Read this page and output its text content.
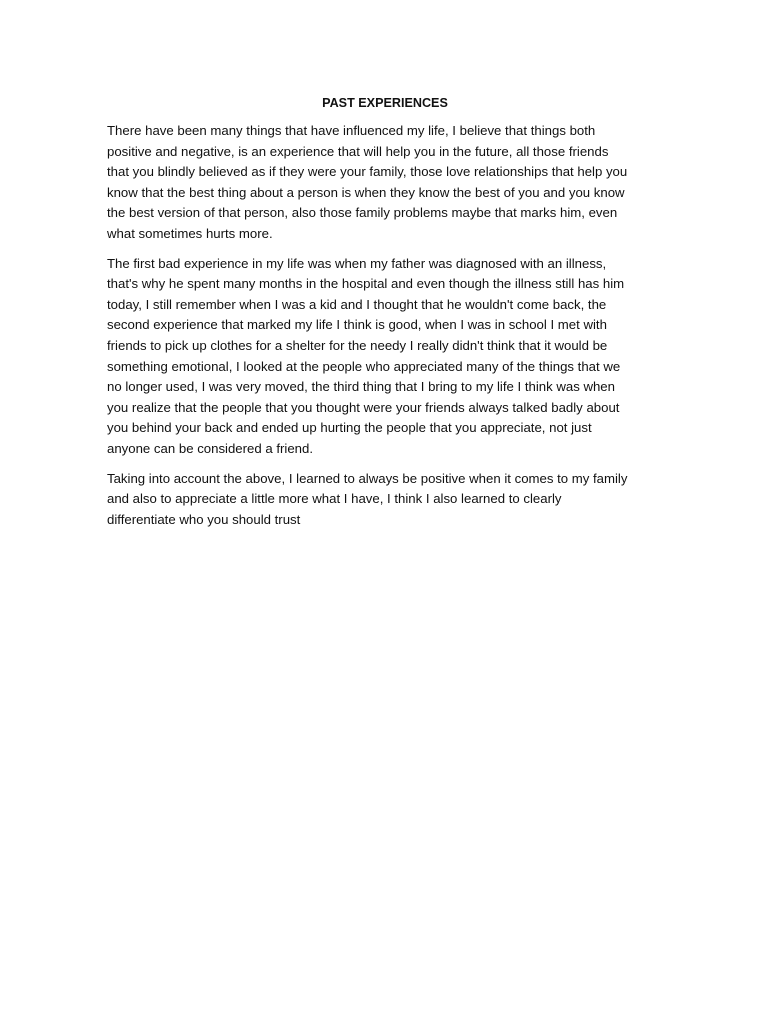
PAST EXPERIENCES

There have been many things that have influenced my life, I believe that things both
positive and negative, is an experience that will help you in the future, all those friends
that you blindly believed as if they were your family, those love relationships that help you
know that the best thing about a person is when they know the best of you and you know
the best version of that person, also those family problems maybe that marks him, even
what sometimes hurts more.

The first bad experience in my life was when my father was diagnosed with an illness,
that's why he spent many months in the hospital and even though the illness still has him
today, I still remember when I was a kid and I thought that he wouldn't come back, the
second experience that marked my life I think is good, when I was in school I met with
friends to pick up clothes for a shelter for the needy I really didn't think that it would be
something emotional, I looked at the people who appreciated many of the things that we
no longer used, I was very moved, the third thing that I bring to my life I think was when
you realize that the people that you thought were your friends always talked badly about
you behind your back and ended up hurting the people that you appreciate, not just
anyone can be considered a friend.

Taking into account the above, I learned to always be positive when it comes to my family
and also to appreciate a little more what I have, I think I also learned to clearly
differentiate who you should trust
